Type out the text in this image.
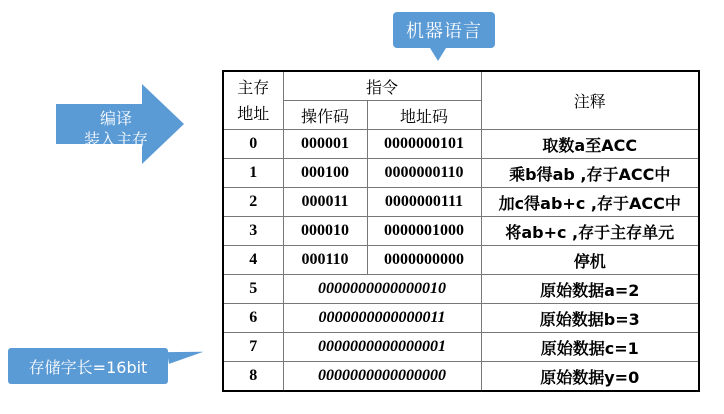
机器语言
编译
装入主存
存储字长=16bit
主存地址	指令		注释
	操作码	地址码	
0	000001	0000000101	取数a至ACC
1	000100	0000000110	乘b得ab ,存于ACC中
2	000011	0000000111	加c得ab+c ,存于ACC中
3	000010	0000001000	将ab+c ,存于主存单元
4	000110	0000000000	停机
5	0000000000000010		原始数据a=2
6	0000000000000011		原始数据b=3
7	0000000000000001		原始数据c=1
8	0000000000000000		原始数据y=0
